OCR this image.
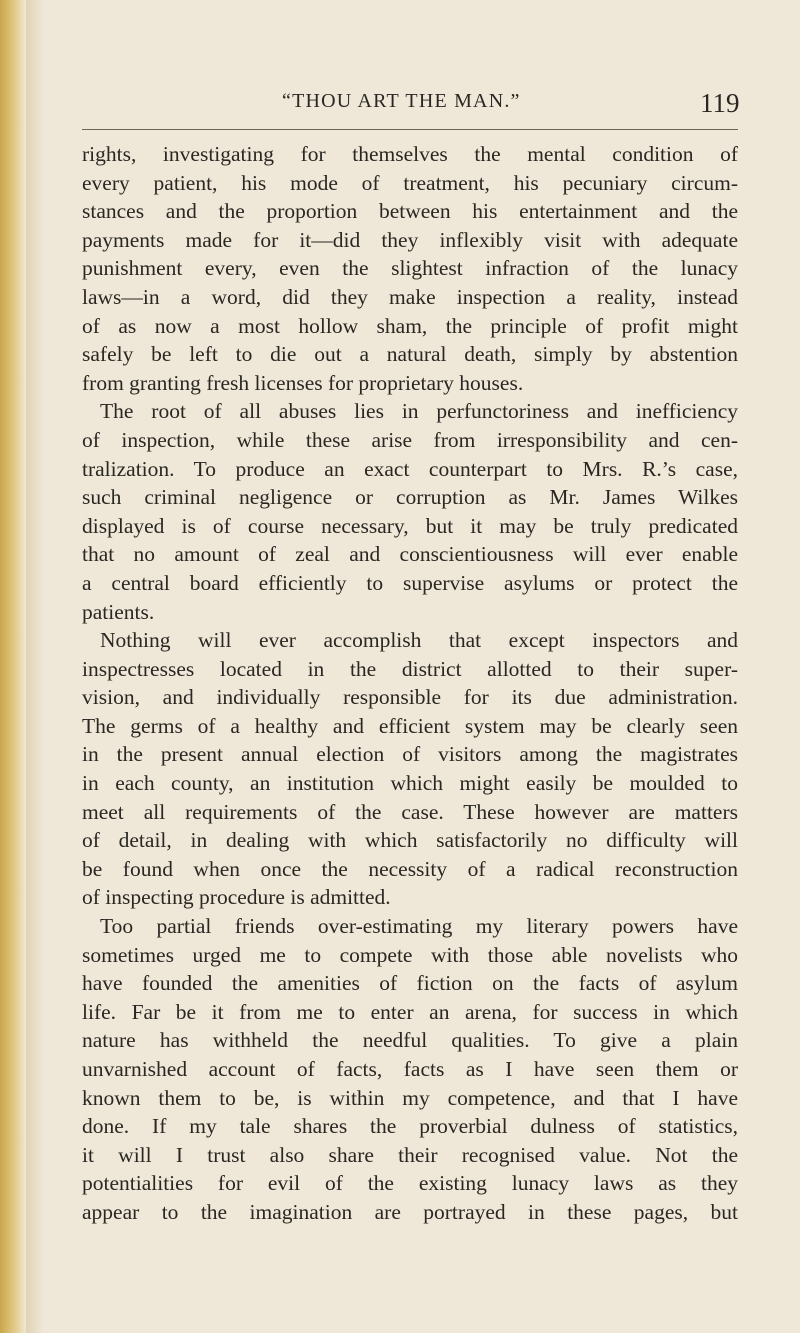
“THOU ART THE MAN.”	119
rights, investigating for themselves the mental condition of
every patient, his mode of treatment, his pecuniary circum-
stances and the proportion between his entertainment and the
payments made for it—did they inflexibly visit with adequate
punishment every, even the slightest infraction of the lunacy
laws—in a word, did they make inspection a reality, instead
of as now a most hollow sham, the principle of profit might
safely be left to die out a natural death, simply by abstention
from granting fresh licenses for proprietary houses.
The root of all abuses lies in perfunctoriness and inefficiency
of inspection, while these arise from irresponsibility and cen-
tralization. To produce an exact counterpart to Mrs. R.’s case,
such criminal negligence or corruption as Mr. James Wilkes
displayed is of course necessary, but it may be truly predicated
that no amount of zeal and conscientiousness will ever enable
a central board efficiently to supervise asylums or protect the
patients.
Nothing will ever accomplish that except inspectors and
inspectresses located in the district allotted to their super-
vision, and individually responsible for its due administration.
The germs of a healthy and efficient system may be clearly seen
in the present annual election of visitors among the magistrates
in each county, an institution which might easily be moulded to
meet all requirements of the case. These however are matters
of detail, in dealing with which satisfactorily no difficulty will
be found when once the necessity of a radical reconstruction
of inspecting procedure is admitted.
Too partial friends over-estimating my literary powers have
sometimes urged me to compete with those able novelists who
have founded the amenities of fiction on the facts of asylum
life. Far be it from me to enter an arena, for success in which
nature has withheld the needful qualities. To give a plain
unvarnished account of facts, facts as I have seen them or
known them to be, is within my competence, and that I have
done. If my tale shares the proverbial dulness of statistics,
it will I trust also share their recognised value. Not the
potentialities for evil of the existing lunacy laws as they
appear to the imagination are portrayed in these pages, but
